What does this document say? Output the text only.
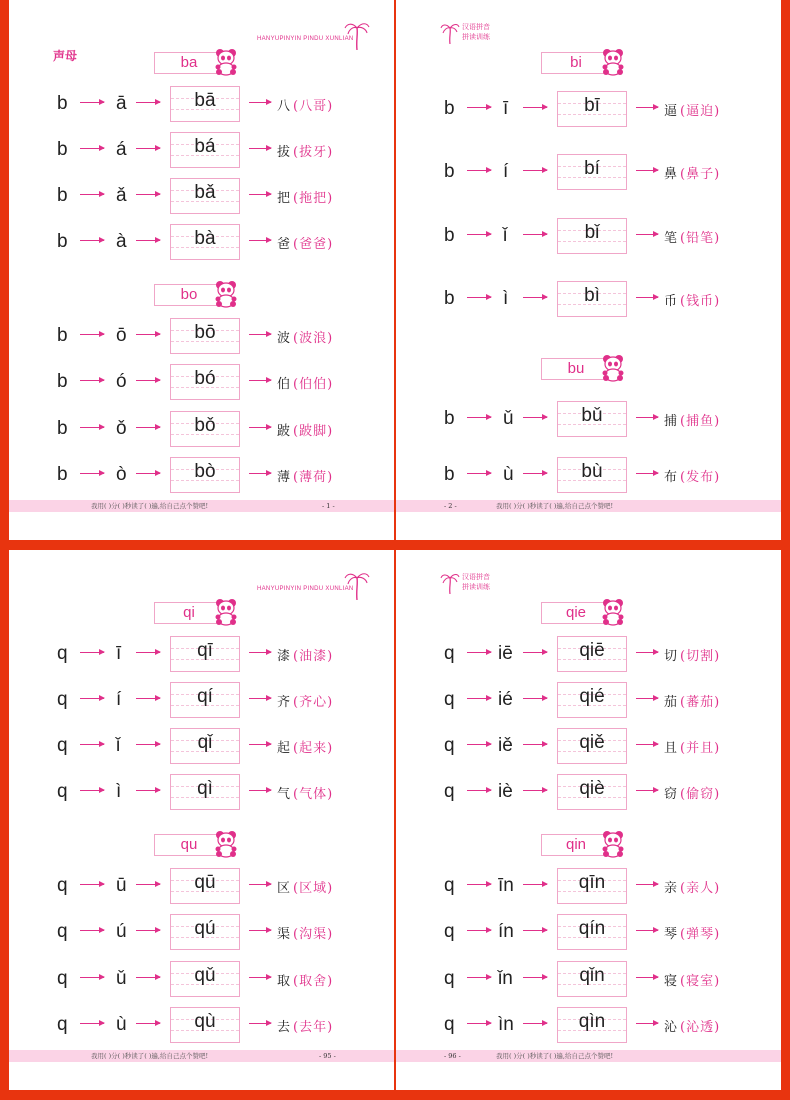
HANYUPINYIN PINDU XUNLIAN
声母	ba
b	ā	bā	八 (八哥)
b	á	bá	拔 (拔牙)
b	ǎ	bǎ	把 (拖把)
b	à	bà	爸 (爸爸)
bo
b	ō	bō	波 (波浪)
b	ó	bó	伯 (伯伯)
b	ǒ	bǒ	跛 (跛脚)
b	ò	bò	薄 (薄荷)
我用( )分( )秒读了( )遍,给自己点个赞吧!	- 1 -
汉语拼音
拼读训练
bi
b	ī	bī	逼 (逼迫)
b	í	bí	鼻 (鼻子)
b	ǐ	bǐ	笔 (铅笔)
b	ì	bì	币 (钱币)
bu
b	ǔ	bǔ	捕 (捕鱼)
b	ù	bù	布 (发布)
- 2 -	我用( )分( )秒读了( )遍,给自己点个赞吧!
HANYUPINYIN PINDU XUNLIAN
qi
q	ī	qī	漆 (油漆)
q	í	qí	齐 (齐心)
q	ǐ	qǐ	起 (起来)
q	ì	qì	气 (气体)
qu
q	ū	qū	区 (区域)
q	ú	qú	渠 (沟渠)
q	ǔ	qǔ	取 (取舍)
q	ù	qù	去 (去年)
我用( )分( )秒读了( )遍,给自己点个赞吧!	- 95 -
汉语拼音
拼读训练
qie
q iē	qiē	切 (切割)
q ié	qié	茄 (蕃茄)
q iě	qiě	且 (并且)
q iè	qiè	窃 (偷窃)
qin
q īn	qīn	亲 (亲人)
q ín	qín	琴 (弹琴)
q ǐn	qǐn	寝 (寝室)
q ìn	qìn	沁 (沁透)
- 96 -	我用( )分( )秒读了( )遍,给自己点个赞吧!
